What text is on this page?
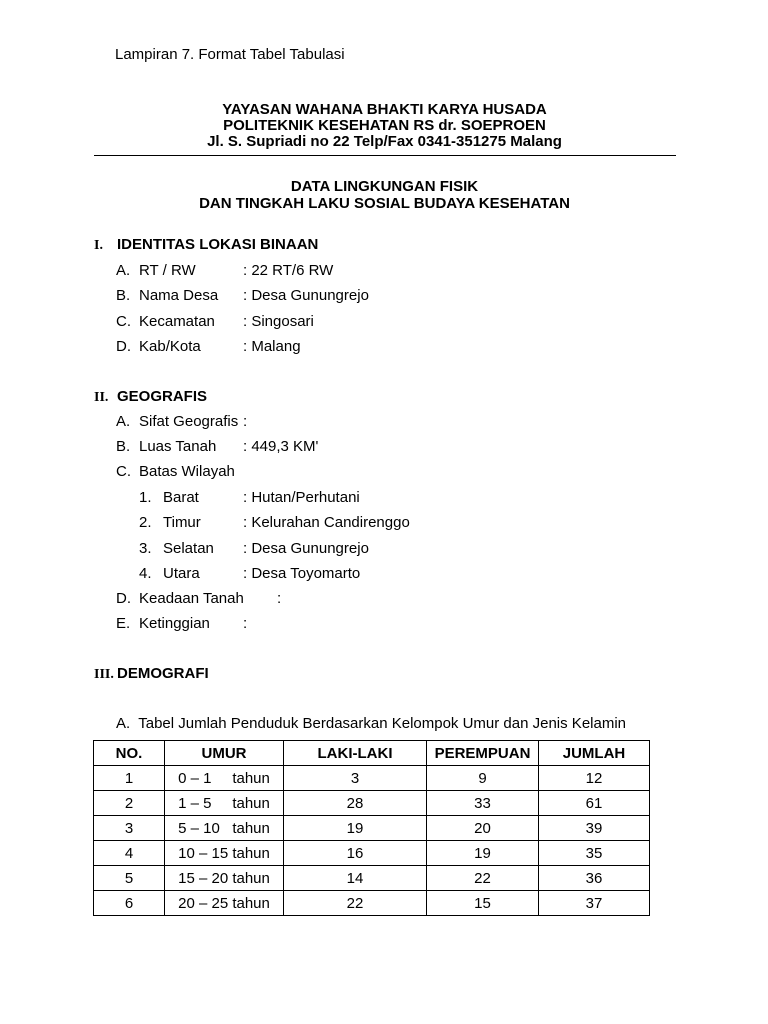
Lampiran 7. Format Tabel Tabulasi
YAYASAN WAHANA BHAKTI KARYA HUSADA
POLITEKNIK KESEHATAN RS dr. SOEPROEN
Jl. S. Supriadi no 22 Telp/Fax 0341-351275 Malang
DATA LINGKUNGAN FISIK
DAN TINGKAH LAKU SOSIAL BUDAYA KESEHATAN
I. IDENTITAS LOKASI BINAAN
A. RT / RW	: 22 RT/6 RW
B. Nama Desa : Desa Gunungrejo
C. Kecamatan : Singosari
D. Kab/Kota	: Malang
II. GEOGRAFIS
A. Sifat Geografis :
B. Luas Tanah : 449,3 KM'
C. Batas Wilayah
1. Barat	: Hutan/Perhutani
2. Timur	: Kelurahan Candirenggo
3. Selatan : Desa Gunungrejo
4. Utara	: Desa Toyomarto
D. Keadaan Tanah :
E. Ketinggian :
III. DEMOGRAFI
A.  Tabel Jumlah Penduduk Berdasarkan Kelompok Umur dan Jenis Kelamin
NO.	UMUR	LAKI-LAKI	PEREMPUAN	JUMLAH
1	0 – 1     tahun	3	9	12
2	1 – 5     tahun	28	33	61
3	5 – 10   tahun	19	20	39
4	10 – 15 tahun	16	19	35
5	15 – 20 tahun	14	22	36
6	20 – 25 tahun	22	15	37
